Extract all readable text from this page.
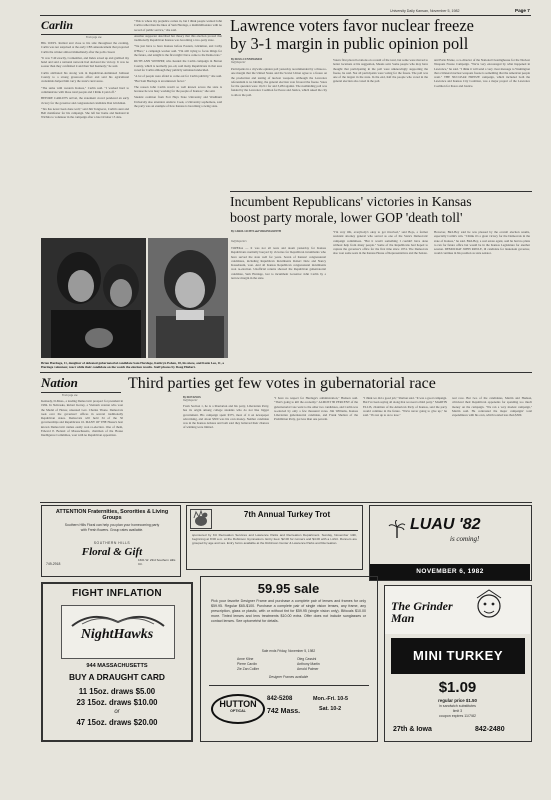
University Daily Kansan, November 5, 1982	Page 7
Carlin
From page one

BIG WAYS. Rattled and close to his side throughout the evening, Carlin was not surprised at the early CBS announcement that projected Carlin the winner almost immediately after the polls closed.

"It was 7:40 exactly, I remember, and Index saved up and grabbed my hand and said a national network had declared me victory. It was no sooner than they confirmed it and then Ted Kennedy," he said.

Carlin attributed his strong win in Republican-dominated Johnson County to a strong grassroots effort and said his agricultural credentials helped him carry the state's rural areas.

"The same with western Kansas," Carlin said. "I worked hard to communicate with those rural people and I think it paid off."

BEFORE CARLIN'S arrival, the statement crowd pondered an early victory for the governor and congressional candidate Dan Glickman.

"Tax has never been done well," said Jim Tongrecot, Carlin's aunt and Bell manifester for his campaign. She left her home and husband in Wichita to volunteer in the campaign after a late October 15 date.

"This is where my prejudice comes in, but I think people wanted John Carlin rather than the likes of Sam Hardage, a multimillionaire with no record of public service," she said.

Another supporter described her theory that this election proved that traditionally Republican Kansas was becoming a two-party state.

"We just have to have Kansas before Eastern, Glickman, and Cathy O'Hara," a campaign worker said. "I'm still trying to focus things for the future, and tonight is the first night I have come to the Democrats."

RUTH ANN WINSHIP, who headed the Carlin campaign in Barton County, which is normally pro-oil, said many Republicans in that area voted for Carlin although they publicly remained undecided.

"A lot of people were afraid to come out for Carlin publicly," she said. "But Sam Hardage is an unknown factor."

The reason John Carlin wasn't so well known across the state is because he was busy working for the people of Kansas," she said.

Student coalition from Fort Hays State University and Washburn University also attended. Andrew Cook, a University sophomore, said the party was an example of how Kansas is becoming a swing state.

Lawrence voters favor nuclear freeze
by 3-1 margin in public opinion poll
By DOUG CUNNINGHAM
Staff Reporter
Participants in a citywide opinion poll yesterday recommended by a three-to-one margin that the United States and the Soviet Union agree to a freeze on the production and testing of nuclear weapons. Although the Lawrence referendum is no binding, the general election vote favored the freeze. Votes for the question were 10,211 for and 3,284 against. The nonbinding poll was funded by the Lawrence Coalition for Peace and Justice, which asked the city to allow the poll.
Voters first placed locations on a result of the total, but some were moved to better locations at his suggestion, Means said. Some people who may have thought that participating in the poll were unknowingly supporting the freeze, he said. Not all participants were voting for the freeze. The poll was one of the largest in the state. In the end, half the people who voted in the general election also voted in the poll.
and Earle Frieke, a co-director of the National Clearinghouse for the Nuclear Weapons Freeze Campaign. "We're very encouraged by what happened in Lawrence," he said. "I think it will send a very clear message to Washington that a bilateral nuclear weapons freeze is something that the American people want." THE NUCLEAR FREEZE campaign, which included both the Lawrence and Kansas City Coalition, was a major project of the Lawrence Coalition for Peace and Justice.
Incumbent Republicans' victories in Kansas
boost party morale, lower GOP 'death toll'
By CAROL LICHTI and VIRGINIA KEITH
Staff Reporters
TOPEKA — It was not all tears and doom yesterday for Kansas Republicans normally buoyed by victories for Republican incumbents who have served the state well for years. Seven of Kansas' congressional candidates, including Republican Incumbents Robert Dole and Nancy Kassebaum, won. And all Kansas Republican congressional incumbents won re-election. Unofficial returns showed the Republican gubernatorial candidate, Sam Hardage, lost to incumbent Governor John Carlin by a narrow margin in the state.
"I'm very OK, everybody's okay to get involved," said Bojo, a former assistant attorney general who served as one of the State's Democratic campaign committees. "But it wasn't something I couldn't have done without help from many people." Some of the Republicans had hoped to capture the governor's office for the first time since 1974. The Democrats also won some seats in the Kansas House of Representatives and the Senate.
However, Bird-Hey said he was pleased by the overall election results, especially Carlin's win. "I think it's a great victory for the Democrats in the state of Kansas," he said. Bird-Hey, a real estate agent, said he had no plans to run for future office but would be in the Kansas Legislature for another session. DEMOCRAT JOHN PAWLE, ill candidate for lieutenant governor, would continue in his position as state senator.
Brian Hardage, 11, daughter of defeated gubernatorial candidate Sam Hardage, Kathryn Pohen, 18, his niece, and Katie Lee, 11, a Hardage volunteer, react while their candidate on the watch the election results. Staff photos by Doug Hiebert.
Nation
From page one
Kennedy, D-Mass., a leading Democratic prospect for president in 1984. In Nebraska, Robert Kerrey, a Vietnam veteran who won the Medal of Honor, unseated Gov. Charles Thone. Democrats took over the governors' offices in several traditionally Republican states. Democrats will hold 34 of the 50 governorships and Republicans 16. MANY OF THE House's best known Democratic names easily won re-election. One of them, Edward P. Boland of Massachusetts, chairman of the House Intelligence Committee, won with no Republican opposition.
Third parties get few votes in gubernatorial race
By DON KNOX
Staff Reporter
From Section 1, he is a libertarian and his party, Libertarian Party, has its origin among college students who do not like bigger government. His campaign spent $375, most of it on newspaper advertising, and about $300 was his own money. Neither candidate was in the Kansas debates and both said they believed their chances of winning were limited.
"I have no respect for Hardage's administration," Hudson said. "That's going to kill the economy." ALMOST 80 PERCENT of the gubernatorial vote went to the other two candidates, and Carlin was re-elected by only a few thousand votes. Jim Williams, Kansas Libertarian gubernatorial candidate, and Frank Shelton of the Prohibition Party, got less than one percent.
"I think we did a good job," Shelton said. "It was a good campaign. But I've been saying all along that we need a third party." MARTIN ELLIS, chairman of the American Party of Kansas, said the party would continue in the future. "We're never going to give up," he said. "It's not up to us to lose."
real race. But two of the candidates, Martin and Hudson, criticized their Republican opponents for spending too much money on the campaign. "We ran a very modest campaign," Martin said. He contrasted the major campaigns' total expenditures with his own, which totaled less than $500.
ATTENTION Fraternities, Sororities & Living Groups
Southern Hills Floral can help you plan your homecoming party
with Fresh flowers. Group rates available.
SOUTHERN HILLS
Floral & Gift
749-2918
1601 W. 23rd Southern Hills Ctr.
7th Annual Turkey Trot
sponsored by KU Recreation Services and Lawrence Parks and Recreation Department. Sunday, November 14th, beginning at 8:00 a.m. at the Robinson Gymnasium. Entry fees: $2.00 for runners and $4.00 with a t-shirt. Runners are grouped by age and sex. Entry forms available at the Robinson Center & Lawrence Parks and Recreation.
LUAU '82
is coming!
NOVEMBER 6, 1982
FIGHT INFLATION
NightHawks
944 MASSACHUSETTS
BUY A DRAUGHT CARD
11 15oz. draws $5.00
23 15oz. draws $10.00
or
47 15oz. draws $20.00
59.95 sale
Pick your favorite Designer Frame and purchase a complete pair of lenses and frames for only $59.95. Regular $65-$100. Purchase a complete pair of single vision lenses, any frame, any prescription, glass or plastic, with or without tint for $59.95 (single vision only). Bifocals $10.00 more. Tinted lenses and lens treatments $10.00 extra. Offer does not include sunglasses or contact lenses. See optometrist for details.
Sale ends Friday, November 5, 1982
Anne Kline
Pierre Cardin
Zie Zan Collier
Oleg Cassini
Anthony Martin
Arnold Palmer
Designer Frames available
HUTTON
OPTICAL
842-5208
742 Mass.
Mon.-Fri. 10-5
Sat. 10-2
The Grinder Man
MINI TURKEY
$1.09
regular price $1.50
in sandwich substitutes
limit 3
coupon expires 11/7/82
27th & Iowa	842-2480
